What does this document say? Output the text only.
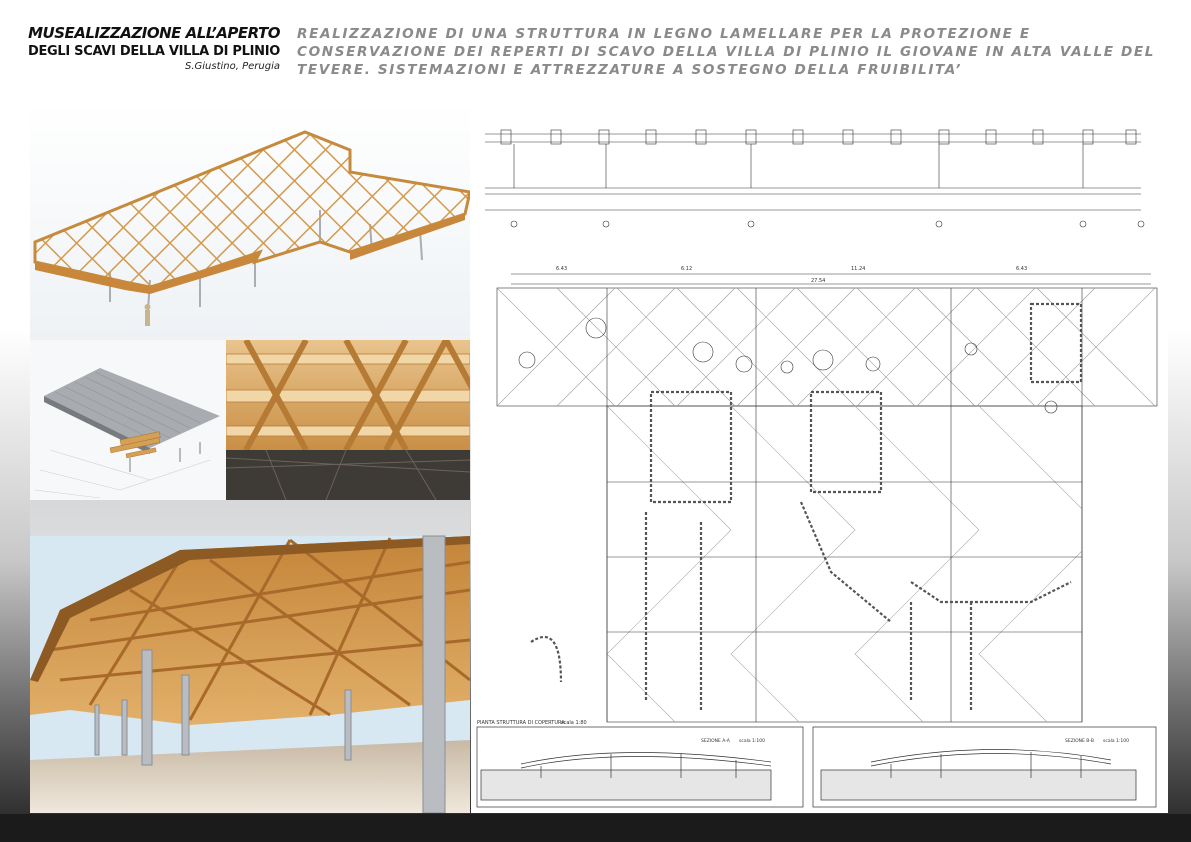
MUSEALIZZAZIONE ALL’APERTO
DEGLI SCAVI DELLA VILLA DI PLINIO
S.Giustino, Perugia
REALIZZAZIONE DI UNA STRUTTURA IN LEGNO LAMELLARE PER LA PROTEZIONE E CONSERVAZIONE DEI REPERTI DI SCAVO DELLA VILLA DI PLINIO IL GIOVANE IN ALTA VALLE DEL TEVERE. SISTEMAZIONI E ATTREZZATURE A SOSTEGNO DELLA FRUIBILITA’
6.43	6.12
27.54
11.24	6.43
PIANTA STRUTTURA DI COPERTURA
scala 1:80
SEZIONE A-A scala 1:100	SEZIONE B-B scala 1:100
